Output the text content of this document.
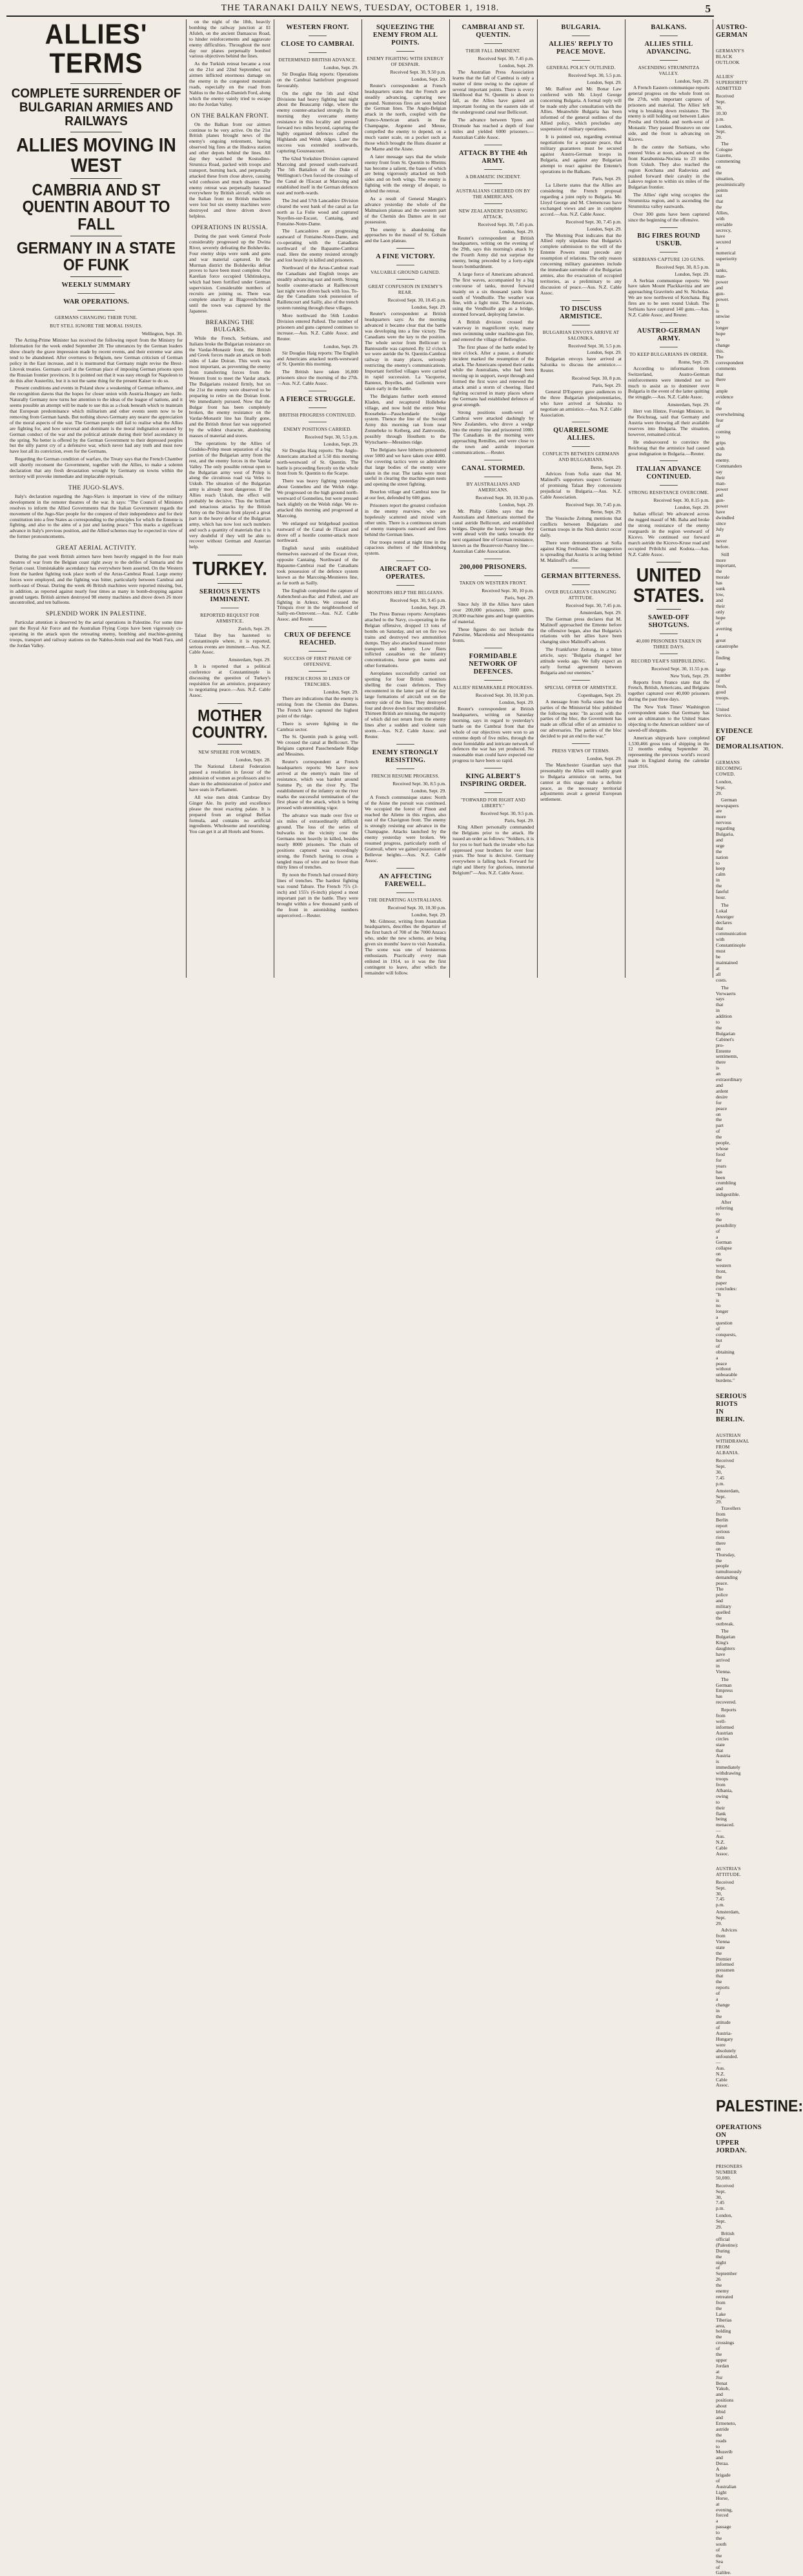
THE TARANAKI DAILY NEWS, TUESDAY, OCTOBER 1, 1918.	5
ALLIES' TERMS
COMPLETE SURRENDER OF BULGARIAN ARMIES AND RAILWAYS
ALLIES MOVING IN WEST
CAMBRIA AND ST QUENTIN ABOUT TO FALL
GERMANY IN A STATE OF FUNK
WEEKLY SUMMARY
WAR OPERATIONS.
GERMANS CHANGING THEIR TUNE.
BUT STILL IGNORE THE MORAL ISSUES.
Wellington, Sept. 30.
The Acting-Prime Minister has received the following report from the Ministry for Information for the week ended September 28: The utterances by the German leaders show clearly the grave impression made by recent events, and their extreme war aims tend to be abandoned. After overtures to Belgium, new German criticism of German policy in the East increase, and it is murmured that Germany might revise the Brest-Litovsk treaties. Germans cavil at the German place of imposing German prisons upon the Russian frontier provinces. It is pointed out that it was easy enough for Napoleon to do this after Austerlitz, but it is not the same thing for the present Kaiser to do so.
Present conditions and events in Poland show a weakening of German influence, and the recognition dawns that the hopes for closer union with Austria-Hungary are futile. Naturally Germany now turns her attention to the ideas of the league of nations, and it seems possible an attempt will be made to use this as a cloak beneath which to maintain that European predominance which militarism and other events seem now to be removing from German hands. But nothing shows Germany any nearer the appreciation of the moral aspects of the war. The German people still fail to realise what the Allies are fighting for, and how universal and dominant is the moral indignation aroused by German conduct of the war and the political attitude during their brief ascendancy in the spring. No better is offered by the German Government to their depressed peoples but the silly parrot cry of a defensive war, which never had any truth and must now have lost all its conviction, even for the Germans.
Regarding the German condition of warfare, the Treaty says that the French Chamber will shortly reconsent the Government, together with the Allies, to make a solemn declaration that any fresh devastation wrought by Germany on towns within the territory will provoke immediate and implacable reprisals.
THE JUGO-SLAVS.
Italy's declaration regarding the Jugo-Slavs is important in view of the military development in the remoter theatres of the war. It says: "The Council of Ministers resolves to inform the Allied Governments that the Italian Government regards the movement of the Jugo-Slav people for the conquest of their independence and for their constitution into a free States as corresponding to the principles for which the Entente is fighting, and also to the aims of a just and lasting peace." This marks a significant advance in Italy's previous position, and the Allied schemes may be expected in view of the former pronouncements.
GREAT AERIAL ACTIVITY.
During the past week British airmen have been heavily engaged in the four main theatres of war from the Belgian coast right away to the defiles of Samaria and the Syrian coast. Unmistakable ascendancy has everywhere been asserted. On the Western front the hardest fighting took place north of the Arras-Cambrai Road. Large enemy forces were employed, and the fighting was bitter, particularly between Cambrai and north-east of Douai. During the week 46 British machines were reported missing, but, in addition, as reported against nearly four times as many in bomb-dropping against ground targets. British airmen destroyed 98 enemy machines and drove down 26 more uncontrolled, and ten balloons.
SPLENDID WORK IN PALESTINE.
Particular attention is deserved by the aerial operations in Palestine. For some time past the Royal Air Force and the Australian Flying Corps have been vigorously co-operating in the attack upon the retreating enemy, bombing and machine-gunning troops, transport and railway stations on the Nablus-Jenin road and the Wadi Fara, and the Jordan Valley.
on the night of the 18th, heavily bombing the railway junction at El Afuleh, on the ancient Damascus Road, to hinder reinforcements and aggravate enemy difficulties. Throughout the next day our planes perpetually bombed various objectives behind the lines.
As the Turkish retreat became a rout on the 21st and 22nd September, our airmen inflicted enormous damage on the enemy in the congested mountain roads, especially on the road from Nablus to the Jisr-ed-Damieh Ford, along which the enemy vainly tried to escape into the Jordan Valley.
ON THE BALKAN FRONT.
On the Balkan front our airmen continue to be very active. On the 21st British planes brought news of the enemy's ongoing retirement, having observed big fires at the Hudova station and other depots behind the lines. All day they watched the Kostudino-Strumica Road, packed with troops and transport, burning back, and perpetually attacked these from close above, causing wild confusion and much disaster. The enemy retreat was perpetually harassed everywhere by British aircraft, while on the Italian front no British machines were lost but six enemy machines were destroyed and three driven down helpless.
OPERATIONS IN RUSSIA.
During the past week General Poole considerably progressed up the Dwina River, severely defeating the Bolsheviks. Four enemy ships were sunk and guns and war material captured. In the Murman district the Bolsheviks defeat proves to have been most complete. Our Karelian force occupied Ukhtinskaya, which had been fortified under German supervision. Considerable numbers of recruits are joining us. There was complete anarchy at Blagoveshchensk until the town was captured by the Japanese.
BREAKING THE BULGARS.
While the French, Serbians, and Italians broke the Bulgarian resistance on the Vardar-Monastir front, the British and Greek forces made an attack on both sides of Lake Doiran. This work was most important, as preventing the enemy from transferring forces from the Western front to meet the Vardar attack. The Bulgarians resisted firmly, but on the 21st the enemy were observed to be preparing to retire on the Doiran front. We immediately pursued. Now that the Bulgar front has been completely broken, the enemy resistance on the Vardar-Monastir line has finally gone, and the British thrust fast was supported by the wildest character, abandoning masses of material and stores.
The operations by the Allies of Gradsko-Prilep mean separation of a big portion of the Bulgarian army from the rest, and the enemy forces in the Vardar Valley. The only possible retreat open to the Bulgarian army west of Prilep is along the circuitous road via Veles to Uskub. The situation of the Bulgarian army is already most dangerous. If the Allies reach Uskub, the effect will probably be decisive. Thus the brilliant and tenacious attacks by the British Army on the Doiran front played a great part in the heavy defeat of the Bulgarian army, which has now lost such numbers and such a quantity of materials that it is very doubtful if they will be able to recover without German and Austrian help.
TURKEY.
SERIOUS EVENTS IMMINENT.
REPORTED REQUEST FOR ARMISTICE.
Zurich, Sept. 29.
Talaat Bey has hastened to Constantinople where, it is reported, serious events are imminent.—Aus. N.Z. Cable Assoc.
Amsterdam, Sept. 29.
It is reported that a political conference at Constantinople is discussing the question of Turkey's requisition for an armistice, preparatory to negotiating peace.—Aus. N.Z. Cable Assoc.
MOTHER COUNTRY.
NEW SPHERE FOR WOMEN.
London, Sept. 28.
The National Liberal Federation passed a resolution in favour of the admission of women as professors and to share in the administration of justice and have seats in Parliament.
All wise men drink Cambrae Dry Ginger Ale. Its purity and excellence please the most exacting palate. It is prepared from an original Belfast formula, and contains no artificial ingredients. Wholesome and nourishing. You can get it at all Hotels and Stores.
WESTERN FRONT.
CLOSE TO CAMBRAI.
DETERMINED BRITISH ADVANCE.
London, Sept. 29.
Sir Douglas Haig reports: Operations on the Cambrai battlefront progressed favourably.
On the right the 5th and 42nd Divisions had heavy fighting last night about the Beaucamp ridge, where the enemy counter-attacked strongly. In the morning they overcame enemy resistance in this locality and pressed forward two miles beyond, capturing the highly organised defences called the Highlands and Welsh ridges. Later the success was extended southwards, capturing Gouzeaucourt.
The 62nd Yorkshire Division captured Marcoing and pressed south-eastward. The 5th Battalion of the Duke of Wellington's Own forced the crossings of the Canal de l'Escaut at Marcoing and established itself in the German defences east and north-wards.
The 2nd and 57th Lancashire Division cleared the west bank of the canal as far north as La Folie wood and captured Noyelles-sur-Escaut, Cantaing, and Fontaine-Notre-Dame.
The Lancashires are progressing eastward of Fontaine-Notre-Dame, and co-operating with the Canadians northward of the Bapaume-Cambrai road. Here the enemy resisted strongly and lost heavily in killed and prisoners.
Northward of the Arras-Cambrai road the Canadians and English troops are steadily advancing east and north. Strong hostile counter-attacks at Raillencourt last night were driven back with loss. To-day the Canadians took possession of Raillencourt and Sailly, also of the trench system running through these villages.
More northward the 56th London Division entered Palleul. The number of prisoners and guns captured continues to increase.—Aus. N.Z. Cable Assoc. and Reuter.
London, Sept. 29.
Sir Douglas Haig reports: The English and Americans attacked north-westward of St. Quentin this morning.
The British have taken 16,000 prisoners since the morning of the 27th.—Aus. N.Z. Cable Assoc.
A FIERCE STRUGGLE.
BRITISH PROGRESS CONTINUED.
ENEMY POSITIONS CARRIED.
Received Sept. 30, 5.5 p.m.
London, Sept. 29.
Sir Douglas Haig reports: The Anglo-Americans attacked at 5.50 this morning north-westward of St. Quentin. The battle is proceeding fiercely on the whole front from St. Quentin to the Scarpe.
There was heavy fighting yesterday about Gonnelieu and the Welsh ridge. We progressed on the high ground north-westward of Gonnelieu, but were pressed back slightly on the Welsh ridge. We re-attacked this morning and progressed at Marcoing.
We enlarged our bridgehead position eastward of the Canal de l'Escaut and drove off a hostile counter-attack more northward.
English naval units established themselves eastward of the Escaut river, opposite Cantaing. Northward of the Bapaume-Cambrai road the Canadians took possession of the defence system known as the Marcoing-Mesnieres line, as far north as Sailly.
The English completed the capture of Aubencheul-au-Bac and Palleul, and are fighting in Arleux. We crossed the Trinquis river in the neighbourhood of Sailly-en-Ostrevent.—Aus. N.Z. Cable Assoc. and Reuter.
CRUX OF DEFENCE REACHED.
SUCCESS OF FIRST PHASE OF OFFENSIVE.
FRENCH CROSS 30 LINES OF TRENCHES.
London, Sept. 29.
There are indications that the enemy is retiring from the Chemin des Dames. The French have captured the highest point of the ridge.
There is severe fighting in the Cambrai sector.
The St. Quentin push is going well. We crossed the canal at Bellicourt. The Belgians captured Passchendaele Ridge and Messines.
Reuter's correspondent at French headquarters reports: We have now arrived at the enemy's main line of resistance, which was hardest around Somme Py, on the river Py. The establishment of the infantry on the river marks the successful termination of the first phase of the attack, which is being pressed with unremitting vigor.
The advance was made over five or six miles of extraordinarily difficult ground. The loss of the series of bulwarks in the vicinity cost the Germans most heavily in killed, besides nearly 8000 prisoners. The chain of positions captured was exceedingly strong, the French having to cross a tangled mass of wire and no fewer than thirty lines of trenches.
By noon the French had crossed thirty lines of trenches. The hardest fighting was round Tahure. The French 75's (3-inch) and 155's (6-inch) played a most important part in the battle. They were brought within a few thousand yards of the front in astonishing numbers unperceived.—Reuter.
SQUEEZING THE ENEMY FROM ALL POINTS.
ENEMY FIGHTING WITH ENERGY OF DESPAIR.
Received Sept. 30, 9.50 p.m.
London, Sept. 29.
Reuter's correspondent at French headquarters states that the French are steadily advancing, capturing new ground. Numerous fires are seen behind the German lines. The Anglo-Belgian attack in the north, coupled with the Franco-American attack in the Champagne, Argonne and Meuse, compelled the enemy to depend, on a much vaster scale, on a pocket such as those which brought the Huns disaster at the Marne and the Aisne.
A later message says that the whole enemy front from St. Quentin to Rheims has become a salient, the bases of which are being vigorously attacked on both sides and on both wings. The enemy is fighting with the energy of despair, to defend the retreat.
As a result of General Mangin's advance yesterday the whole of the Malmaison plateau and the western part of the Chemin des Dames are in our possession.
The enemy is abandoning the approaches to the massif of St. Gobain and the Laon plateau.
A FINE VICTORY.
VALUABLE GROUND GAINED.
GREAT CONFUSION IN ENEMY'S REAR.
Received Sept. 30, 10.45 p.m.
London, Sept. 29.
Reuter's correspondent at British headquarters says: As the morning advanced it became clear that the battle was developing into a fine victory. The Canadians were the key to the position. The whole sector from Bellicourt to Bantouzelle was captured. By 12 o'clock we were astride the St. Quentin-Cambrai railway in many places, seriously restricting the enemy's communications. Important fortified villages were carried in rapid succession. La Vacquerie, Banteux, Boyelles, and Gullemin were taken early in the battle.
The Belgians further north entered Kladen, and recaptured Hollebeke village, and now hold the entire West Roosebeke—Passchendaele ridge system. Thence the line of the Second Army this morning ran from near Zonnebeke to Keiberg, and Zantvoorde, possibly through Houthem to the Wytschaete—Messines ridge.
The Belgians have hitherto prisonered over 5000 and we have taken over 4000. Our covering tactics were so admirable that large bodies of the enemy were taken in the rear. The tanks were most useful in clearing the machine-gun nests and opening the street fighting.
Bourlon village and Cambrai now lie at our feet, defended by 600 guns.
Prisoners report the greatest confusion in the enemy rearview, who are hopelessly scattered and mixed with other units. There is a continuous stream of enemy transports eastward and fires behind the German lines.
Our troops rested at night time in the capacious shelters of the Hindenburg system.
AIRCRAFT CO-OPERATES.
MONITORS HELP THE BELGIANS.
Received Sept. 30, 9.45 p.m.
London, Sept. 29.
The Press Bureau reports: Aeroplanes attached to the Navy, co-operating in the Belgian offensive, dropped 13 tons of bombs on Saturday, and set on fire two trains and destroyed two ammunition dumps. They also attacked massed motor transports and battery. Low fliers inflicted casualties on the infantry concentrations, horse gun teams and other formations.
Aeroplanes successfully carried out spotting for four British monitors shelling the coast defences. They encountered in the latter part of the day large formations of aircraft out on the enemy side of the lines. They destroyed four and drove down four uncontrollable. Thirteen British are missing, the majority of which did not return from the enemy lines after a sudden and violent rain storm.—Aus. N.Z. Cable Assoc. and Reuter.
ENEMY STRONGLY RESISTING.
FRENCH RESUME PROGRESS.
Received Sept. 30, 8.5 p.m.
London, Sept. 29.
A French communique states: North of the Aisne the pursuit was continued. We occupied the forest of Pinon and reached the Ailette in this region, also east of the Chavignon front. The enemy is strongly resisting our advance in the Champagne. Attacks launched by the enemy yesterday were broken. We resumed progress, particularly north of Gratreuil, where we gained possession of Bellevue heights.—Aus. N.Z. Cable Assoc.
AN AFFECTING FAREWELL.
THE DEPARTING AUSTRALIANS.
Received Sept. 30, 10.30 p.m.
London, Sept. 29.
Mr. Gilmour, writing from Australian headquarters, describes the departure of the first batch of 700 of the 7000 Anzacs who, under the new scheme, are being given six months' leave to visit Australia. The scene was one of boisterous enthusiasm. Practically every man enlisted in 1914, so it was the first contingent to leave, after which the remainder will follow.
CAMBRAI AND ST. QUENTIN.
THEIR FALL IMMINENT.
Received Sept. 30, 7.45 p.m.
London, Sept. 29.
The Australian Press Association learns that the fall of Cambrai is only a matter of time owing to the capture of several important points. There is every likelihood that St. Quentin is about to fall, as the Allies have gained an important footing on the eastern side of the underground canal near Bellicourt.
The advance between Ypres and Dixmude has reached a depth of four miles and yielded 6000 prisoners.—Australian Cable Assoc.
ATTACK BY THE 4th ARMY.
A DRAMATIC INCIDENT.
AUSTRALIANS CHEERED ON BY THE AMERICANS.
NEW ZEALANDERS' DASHING ATTACK.
Received Sept. 30, 7.45 p.m.
London, Sept. 29.
Reuter's correspondent at British headquarters, writing on the evening of the 29th, says this morning's attack by the Fourth Army did not surprise the enemy, being preceded by a forty-eight hours bombardment.
A large force of Americans advanced. The first waves, accompanied by a big concourse of tanks, moved forward mainly on a six thousand yards front south of Vendhuille. The weather was fine, with a light mist. The Americans, using the Vendhuille gap as a bridge, stormed forward, deploying fanwise.
A British division crossed the waterway in magnificent style, many men swimming under machine-gun fire, and entered the village of Bellenglise.
The first phase of the battle ended by nine o'clock. After a pause, a dramatic incident marked the resumption of the attack. The Americans opened their ranks while the Australians, who had been moving up in support, swept through and formed the first wave and renewed the attack amid a storm of cheering. Hard fighting occurred in many places where the Germans had established defences of great strength.
Strong positions south-west of Cambrai were attacked dashingly by New Zealanders, who drove a wedge into the enemy line and prisonered 1000. The Canadians in the morning were approaching Remilles, and were close to the town and astride important communications.—Reuter.
CANAL STORMED.
BY AUSTRALIANS AND AMERICANS.
Received Sept. 30, 10.30 p.m.
London, Sept. 29.
Mr. Philip Gibbs says that the Australians and Americans stormed the canal astride Bellicourt, and established bridges. Despite the heavy barrage they went ahead with the tanks towards the next organised line of German resistance, known as the Beaurevoir-Nauroy line.—Australian Cable Association.
200,000 PRISONERS.
TAKEN ON WESTERN FRONT.
Received Sept. 30, 10 p.m.
Paris, Sept. 29.
Since July 18 the Allies have taken over 200,000 prisoners, 3000 guns, 20,000 machine guns and huge quantities of material.
These figures do not include the Palestine, Macedonia and Mesopotamia fronts.
FORMIDABLE NETWORK OF DEFENCES.
ALLIES' REMARKABLE PROGRESS.
Received Sept. 30, 10.30 p.m.
London, Sept. 29.
Reuter's correspondent at British headquarters, writing on Saturday morning, says in regard to yesterday's battle on the Cambrai front that the whole of our objectives were won to an extreme depth of five miles, through the most formidable and intricate network of defences the war has yet produced. No reasonable man could have expected our progress to have been so rapid.
KING ALBERT'S INSPIRING ORDER.
"FORWARD FOR RIGHT AND LIBERTY."
Received Sept. 30, 9.5 p.m.
Paris, Sept. 29.
King Albert personally commanded the Belgians prior to the attack. He issued an order as follows: "Soldiers, it is for you to hurl back the invader who has oppressed your brothers for over four years. The hour is decisive. Germany everywhere is falling back. Forward for right and liberty for glorious, immortal Belgium!"—Aus. N.Z. Cable Assoc.
BULGARIA.
ALLIES' REPLY TO PEACE MOVE.
GENERAL POLICY OUTLINED.
Received Sept. 30, 5.5 p.m.
London, Sept. 29.
Mr. Balfour and Mr. Bonar Law conferred with Mr. Lloyd George concerning Bulgaria. A formal reply will be made only after consultation with the Allies. Meanwhile Bulgaria has been informed of the general outlines of the Allied policy, which precludes any suspension of military operations.
It is pointed out, regarding eventual negotiations for a separate peace, that military guarantees must be secured against Austro-German troops in Bulgaria, and against any Bulgarian attempt to react against the Entente's operations in the Balkans.
Paris, Sept. 29.
La Liberte states that the Allies are considering the French proposal regarding a joint reply to Bulgaria. Mr. Lloyd George and M. Clemenceau have exchanged views and are in complete accord.—Aus. N.Z. Cable Assoc.
Received Sept. 30, 7.45 p.m.
London, Sept. 29.
The Morning Post indicates that the Allied reply stipulates that Bulgaria's complete submission to the will of the Entente Powers must precede any resumption of relations. The only reason concerning military guarantees include the immediate surrender of the Bulgarian armies, also the evacuation of occupied territories, as a preliminary to any discussion of peace.—Aus. N.Z. Cable Assoc.
TO DISCUSS ARMISTICE.
BULGARIAN ENVOYS ARRIVE AT SALONIKA.
Received Sept. 30, 5.5 p.m.
London, Sept. 29.
Bulgarian envoys have arrived at Salonika to discuss the armistice.—Reuter.
Received Sept. 30, 8 p.m.
Paris, Sept. 29.
General D'Esperey gave audiences to the three Bulgarian plenipotentiaries, who have arrived at Salonika to negotiate an armistice.—Aus. N.Z. Cable Association.
QUARRELSOME ALLIES.
CONFLICTS BETWEEN GERMANS AND BULGARIANS.
Berne, Sept. 29.
Advices from Sofia state that M. Malinoff's supporters suspect Germany of promising Talaat Bey concessions prejudicial to Bulgaria.—Aus. N.Z. Cable Association.
Received Sept. 30, 7.45 p.m.
Berne, Sept. 29.
The Vossische Zeitung mentions that conflicts between Bulgarians and German troops in the Nish district occur daily.
There were demonstrations at Sofia against King Ferdinand. The suggestion is spreading that Austria is acting behind M. Malinoff's offer.
GERMAN BITTERNESS.
OVER BULGARIA'S CHANGING ATTITUDE.
Received Sept. 30, 7.45 p.m.
Amsterdam, Sept. 29.
The German press declares that M. Malinoff approached the Entente before the offensive began, also that Bulgaria's relations with her allies have been changing since Malinoff's advent.
The Frankfurter Zeitung, in a bitter article, says: "Bulgaria changed her attitude weeks ago. We fully expect an early formal agreement between Bulgaria and our enemies."
SPECIAL OFFER OF ARMISTICE.
Copenhagen, Sept. 29.
A message from Sofia states that the parties of the Ministerial bloc published the following note: "In accord with the parties of the bloc, the Government has made an official offer of an armistice to our adversaries. The parties of the bloc decided to put an end to the war."
PRESS VIEWS OF TERMS.
London, Sept. 29.
The Manchester Guardian says that presumably the Allies will readily grant to Bulgaria armistice on terms, but cannot at this stage make a definite peace, as the necessary territorial adjustments await a general European settlement.
BALKANS.
ALLIES STILL ADVANCING.
ASCENDING STRUMNITZA VALLEY.
London, Sept. 29.
A French Eastern communique reports general progress on the whole front on the 27th, with important captures of prisoners and material. The Allies' left wing is breaking down resistance. The enemy is still holding out between Lakes Presba and Ochrida and north-west of Monastir. They passed Brusnovo on one side, and the front is advancing on Kicevo.
In the centre the Serbians, who entered Veles at noon, advanced on the front Karabunista-Nocista to 23 miles from Uskub. They also reached the region Kotchana and Radovista and pushed forward their cavalry in the Lakovo region to within six miles of the Bulgarian frontier.
The Allies' right wing occupies the Strumnitza region, and is ascending the Strumnitza valley eastwards.
Over 300 guns have been captured since the beginning of the offensive.
BIG FIRES ROUND USKUB.
SERBIANS CAPTURE 120 GUNS.
Received Sept. 30, 8.5 p.m.
London, Sept. 29.
A Serbian communique reports: We have taken Mount Plackkavitza and are approaching Gravritelo and St. Nicholas. We are now northwest of Kotchana. Big fires are to be seen round Uskub. The Serbians have captured 140 guns.—Aus. N.Z. Cable Assoc. and Reuter.
AUSTRO-GERMAN ARMY.
TO KEEP BULGARIANS IN ORDER.
Rome, Sept. 29.
According to information from Switzerland, Austro-German reinforcements were intended not so much to assist as to domineer over Bulgaria in the event of the latter quitting the struggle.—Aus. N.Z. Cable Assoc.
Amsterdam, Sept. 29.
Herr von Hintze, Foreign Minister, in the Reichstag, said that Germany and Austria were throwing all their available reserves into Bulgaria. The situation, however, remained critical.
He endeavoured to convince the Reichstag that the armistice had caused great indignation in Bulgaria.—Reuter.
ITALIAN ADVANCE CONTINUED.
STRONG RESISTANCE OVERCOME.
Received Sept. 30, 8.15 p.m.
London, Sept. 29.
Italian official: We advanced across the rugged massif of Mt. Baba and broke the strong resistance of the enemy rearguards in the region westward of Kicevo. We continued our forward march astride the Kicevo-Kruse road and occupied Pribilchi and Kodota.—Aus. N.Z. Cable Assoc.
UNITED STATES.
SAWED-OFF SHOTGUNS.
40,000 PRISONERS TAKEN IN THREE DAYS.
RECORD YEAR'S SHIPBUILDING.
Received Sept. 30, 11.55 p.m.
New York, Sept. 29.
Reports from France state that the French, British, Americans, and Belgians together captured over 40,000 prisoners during the past three days.
The New York Times' Washington correspondent states that Germany has sent an ultimatum to the United States objecting to the American soldiers' use of sawed-off shotguns.
American shipyards have completed 1,530,466 gross tons of shipping in the 12 months ending September 30, representing the previous world's record made in England during the calendar year 1916.
AUSTRO-GERMAN
GERMANY'S BLACK OUTLOOK
ALLIES' SUPERIORITY ADMITTED
Received Sept. 30, 10.30 p.m.
London, Sept. 29.
The Cologne Gazette, commenting on the situation, pessimistically points out that the Allies, with enviable secrecy, have secured a numerical superiority in tanks, man-power and gun-power. It is unwise to longer hope to change this. The correspondent comments that there is ample evidence of the overwhelming fear of coming to grips with the enemy. Commanders say their man-power and gun-power have dwindled since July as never before.
Still more important, the morale has sunk low, and their only hope of averting a great catastrophe is finding a large number of fresh, good troops.—United Service.
EVIDENCE OF DEMORALISATION.
GERMANS BECOMING COWED.
London, Sept. 29.
German newspapers are more nervous regarding Bulgaria, and urge the nation to keep calm in the fateful hour.
The Lokal Anzeiger declares that communication with Constantinople must be maintained at all costs.
The Vorwaerts says that in addition to the Bulgarian Cabinet's pro-Entente sentiments, there is an extraordinary and ardent desire for peace on the part of the people, whose food for years has been crumbling and indigestible.
After referring to the possibility of a German collapse on the western front, the paper concludes: "It is no longer a question of conquests, but of obtaining a peace without unbearable burdens."
SERIOUS RIOTS IN BERLIN.
AUSTRIAN WITHDRAWAL FROM ALBANIA.
Received Sept. 30, 7.45 p.m.
Amsterdam, Sept. 29.
Travellers from Berlin report serious riots there on Thursday, the people tumultuously demanding peace. The police and military quelled the outbreak.
The Bulgarian King's daughters have arrived in Vienna.
The German Empress has recovered.
Reports from well-informed Austrian circles state that Austria is immediately withdrawing troops from Albania, owing to their flank being menaced.—Aus. N.Z. Cable Assoc.
AUSTRIA'S ATTITUDE.
Received Sept. 30, 7.45 p.m.
Amsterdam, Sept. 29.
Advices from Vienna state the Premier informed pressmen that the reports of a change in the attitude of Austria-Hungary were absolutely unfounded.—Aus. N.Z. Cable Assoc.
PALESTINE:
OPERATIONS ON UPPER JORDAN.
PRISONERS NUMBER 50,000.
Received Sept. 30, 7.45 p.m.
London, Sept. 29.
British official (Palestine): During the night of September 26 the enemy retreated from the Lake Tiberias area, holding the crossings of the upper Jordan at Jisr Benat Yakub, and positions about Irbid and Ermeneto, astride the roads to Muzerib and Deraa. A brigade of Australian Light Horse, at evening, forced a passage to the south of the Sea of Galilee.
